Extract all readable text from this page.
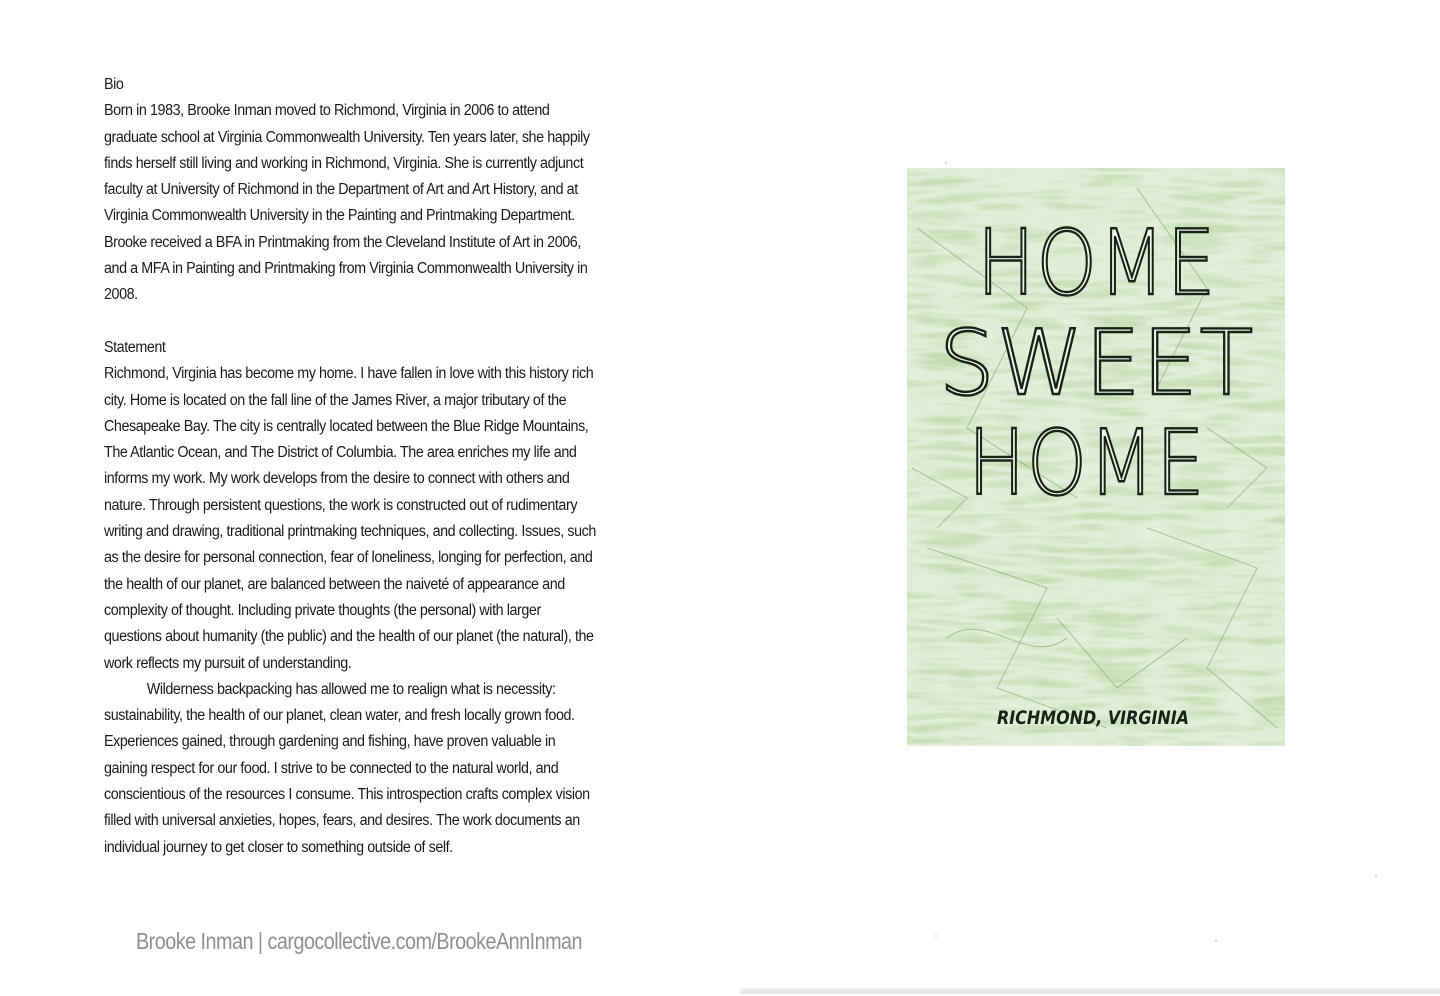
Bio
Born in 1983, Brooke Inman moved to Richmond, Virginia in 2006 to attend graduate school at Virginia Commonwealth University. Ten years later, she happily finds herself still living and working in Richmond, Virginia. She is currently adjunct faculty at University of Richmond in the Department of Art and Art History, and at Virginia Commonwealth University in the Painting and Printmaking Department. Brooke received a BFA in Printmaking from the Cleveland Institute of Art in 2006, and a MFA in Painting and Printmaking from Virginia Commonwealth University in 2008.
Statement
Richmond, Virginia has become my home. I have fallen in love with this history rich city. Home is located on the fall line of the James River, a major tributary of the Chesapeake Bay. The city is centrally located between the Blue Ridge Mountains, The Atlantic Ocean, and The District of Columbia. The area enriches my life and informs my work. My work develops from the desire to connect with others and nature. Through persistent questions, the work is constructed out of rudimentary writing and drawing, traditional printmaking techniques, and collecting. Issues, such as the desire for personal connection, fear of loneliness, longing for perfection, and the health of our planet, are balanced between the naiveté of appearance and complexity of thought. Including private thoughts (the personal) with larger questions about humanity (the public) and the health of our planet (the natural), the work reflects my pursuit of understanding.
Wilderness backpacking has allowed me to realign what is necessity: sustainability, the health of our planet, clean water, and fresh locally grown food. Experiences gained, through gardening and fishing, have proven valuable in gaining respect for our food. I strive to be connected to the natural world, and conscientious of the resources I consume. This introspection crafts complex vision filled with universal anxieties, hopes, fears, and desires. The work documents an individual journey to get closer to something outside of self.
Brooke Inman | cargocollective.com/BrookeAnnInman
HOME
SWEET
HOME
RICHMOND, VIRGINIA
